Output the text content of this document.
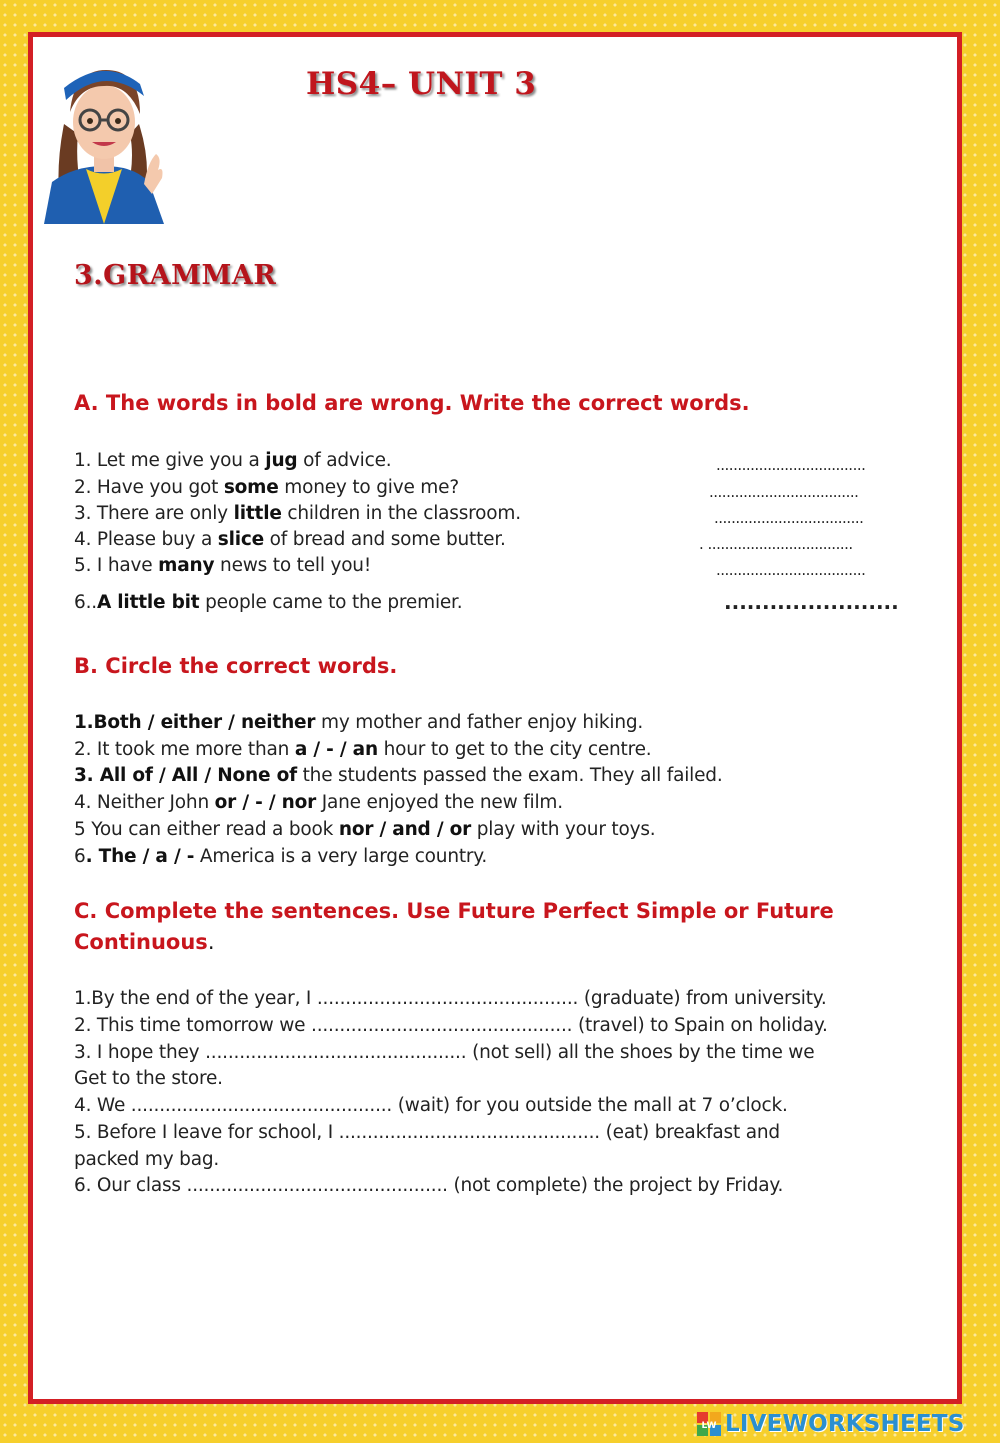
HS4– UNIT 3
3.GRAMMAR
A. The words in bold are wrong. Write the correct words.
1. Let me give you a jug of advice.	...................................
2. Have you got some money to give me?	...................................
3. There are only little children in the classroom.	...................................
4. Please buy a slice of bread and some butter.	. ..................................
5. I have many news to tell you!	...................................
6..A little bit people came to the premier.	.......................
B. Circle the correct words.
1.Both / either / neither my mother and father enjoy hiking.
2. It took me more than a / - / an hour to get to the city centre.
3. All of / All / None of the students passed the exam. They all failed.
4. Neither John or / - / nor Jane enjoyed the new film.
5 You can either read a book nor / and / or play with your toys.
6. The / a / - America is a very large country.
C. Complete the sentences. Use Future Perfect Simple or Future
Continuous.
1.By the end of the year, I .............................................. (graduate) from university.
2. This time tomorrow we .............................................. (travel) to Spain on holiday.
3. I hope they .............................................. (not sell) all the shoes by the time we
Get to the store.
4. We .............................................. (wait) for you outside the mall at 7 o’clock.
5. Before I leave for school, I .............................................. (eat) breakfast and
packed my bag.
6. Our class .............................................. (not complete) the project by Friday.
LW LIVEWORKSHEETS
